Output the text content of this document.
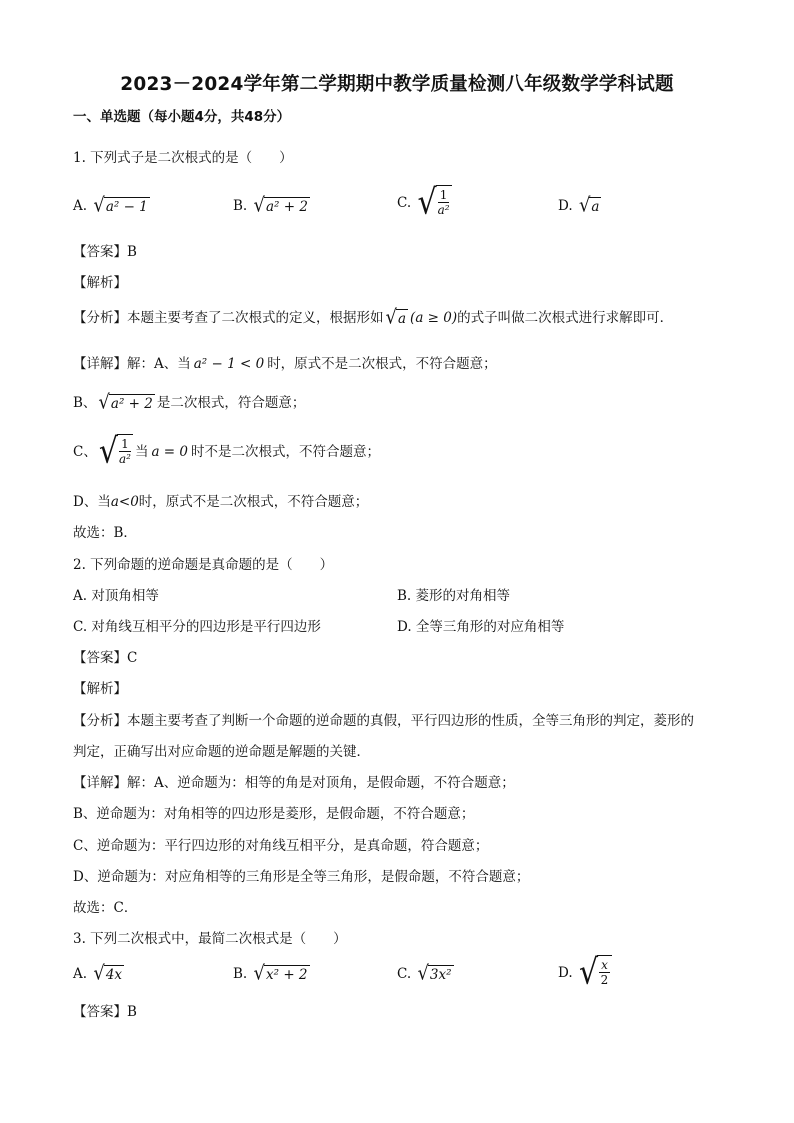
2023－2024学年第二学期期中教学质量检测八年级数学学科试题
一、单选题（每小题4分，共48分）
1. 下列式子是二次根式的是（　　）
A. √ a² − 1	B. √ a² + 2	C. √ $\frac{1}{\text{a²}}$	D. √ a
【答案】B
【解析】
【分析】本题主要考查了二次根式的定义，根据形如 √ a (a ≥ 0)的式子叫做二次根式进行求解即可．
【详解】解：A、当 a² − 1 < 0 时，原式不是二次根式，不符合题意；
B、 √ a² + 2 是二次根式，符合题意；
C、 √ $\frac{1}{\text{a²}}$ 当 a = 0 时不是二次根式，不符合题意；
D、当a<0时，原式不是二次根式，不符合题意；
故选：B．
2. 下列命题的逆命题是真命题的是（　　）
A. 对顶角相等	B. 菱形的对角相等
C. 对角线互相平分的四边形是平行四边形	D. 全等三角形的对应角相等
【答案】C
【解析】
【分析】本题主要考查了判断一个命题的逆命题的真假，平行四边形的性质，全等三角形的判定，菱形的
判定，正确写出对应命题的逆命题是解题的关键．
【详解】解：A、逆命题为：相等的角是对顶角，是假命题，不符合题意；
B、逆命题为：对角相等的四边形是菱形，是假命题，不符合题意；
C、逆命题为：平行四边形的对角线互相平分，是真命题，符合题意；
D、逆命题为：对应角相等的三角形是全等三角形，是假命题，不符合题意；
故选：C．
3. 下列二次根式中，最简二次根式是（　　）
A. √ 4x	B. √ x² + 2	C. √ 3x²	D. √ $\frac{x}{2}$
【答案】B
